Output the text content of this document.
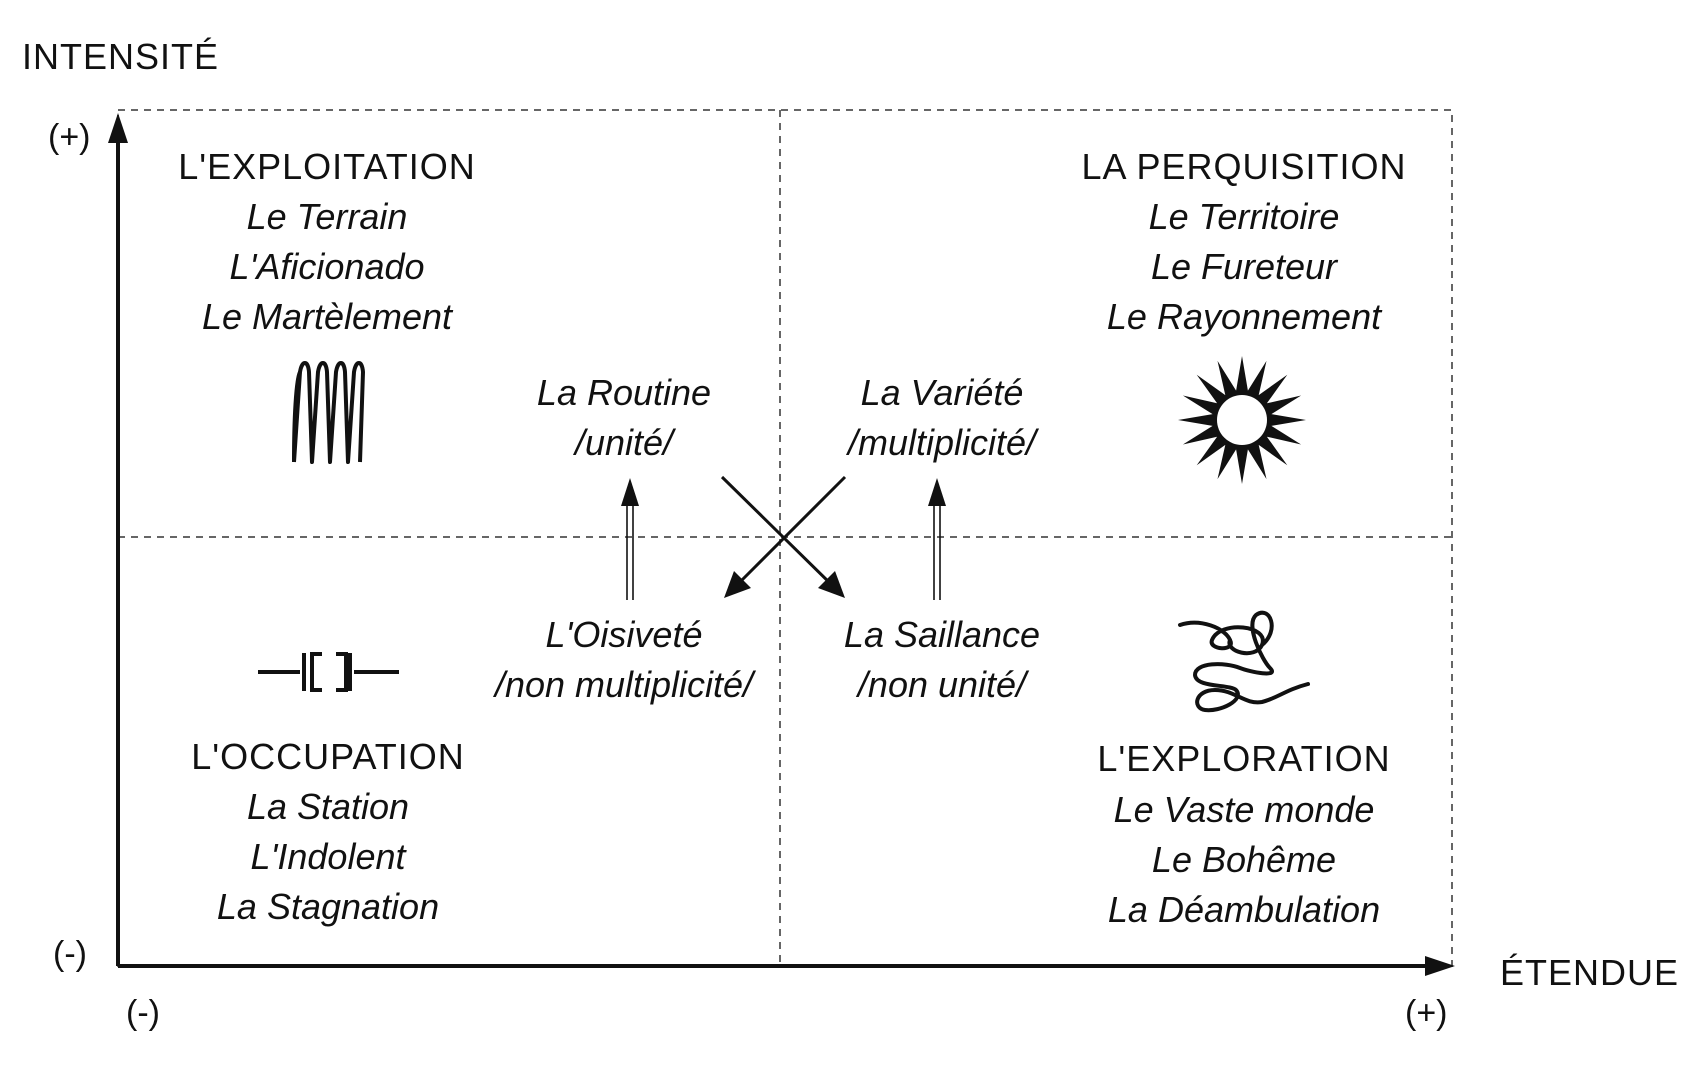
INTENSITÉ
ÉTENDUE
(+)
(-)
(-)	(+)
L'EXPLOITATION
Le Terrain
L'Aficionado
Le Martèlement
LA PERQUISITION
Le Territoire
Le Fureteur
Le Rayonnement
L'OCCUPATION
La Station
L'Indolent
La Stagnation
L'EXPLORATION
Le Vaste monde
Le Bohême
La Déambulation
La Routine
/unité/
La Variété
/multiplicité/
L'Oisiveté
/non multiplicité/
La Saillance
/non unité/
